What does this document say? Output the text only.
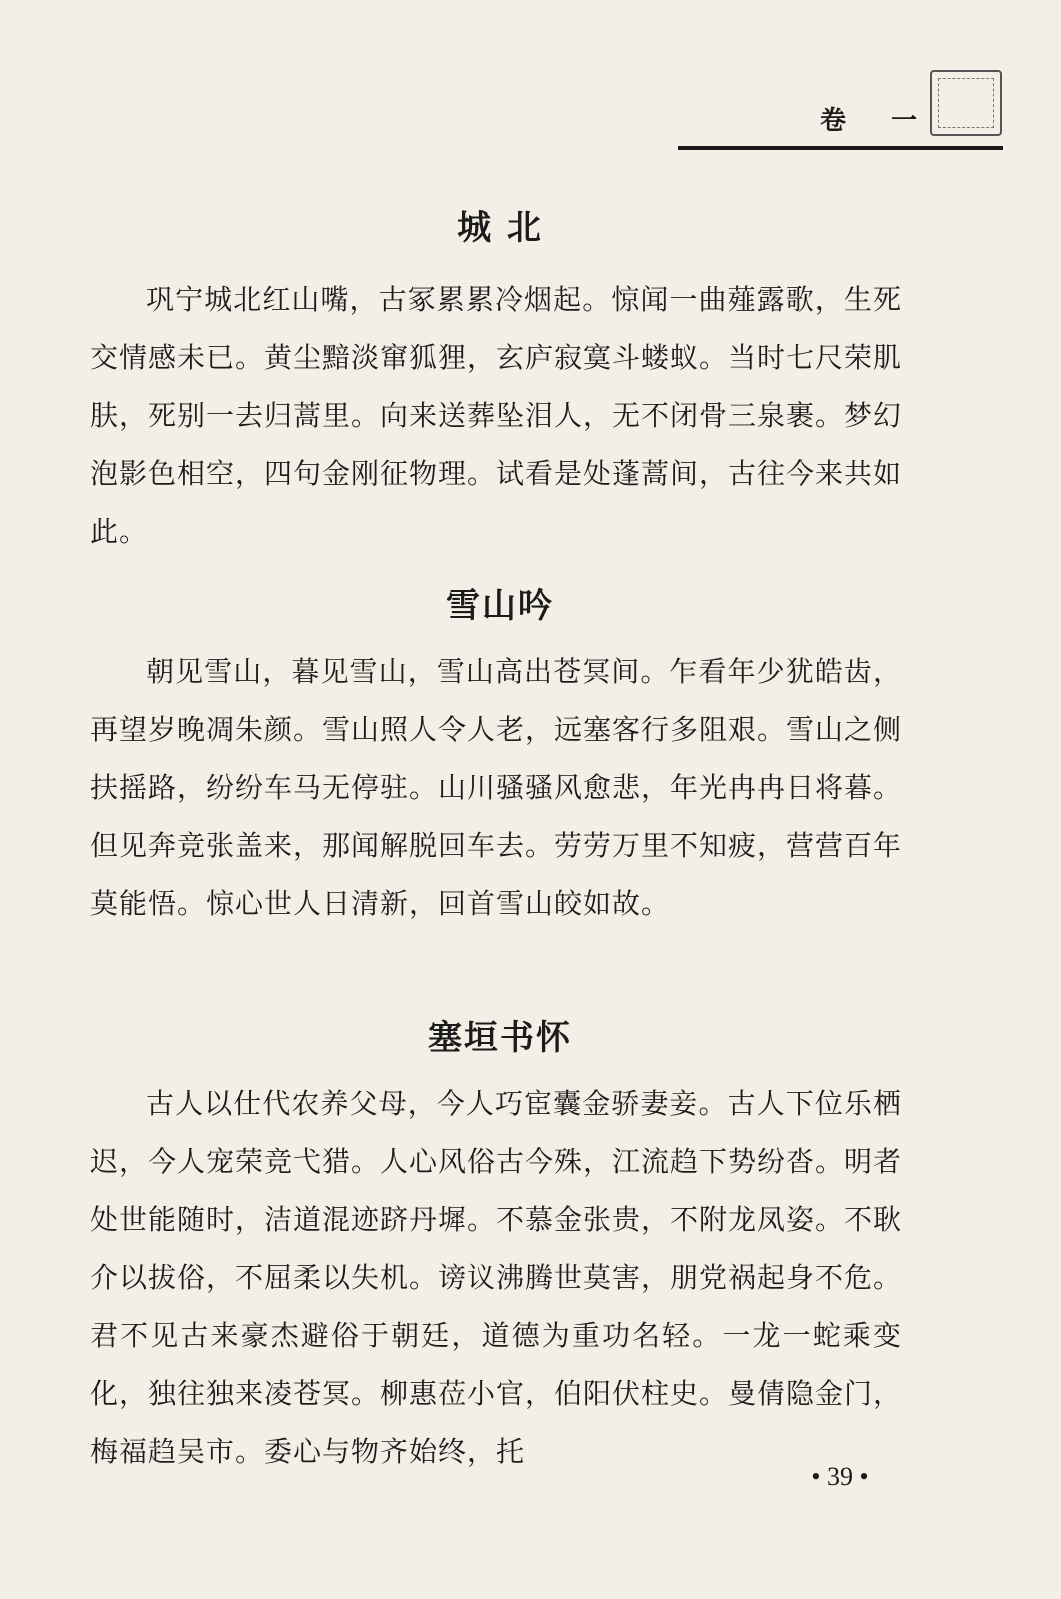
卷 一
城 北

巩宁城北红山嘴，古冢累累冷烟起。惊闻一曲薤露歌，生死交情感未已。黄尘黯淡窜狐狸，玄庐寂寞斗蝼蚁。当时七尺荣肌肤，死别一去归蒿里。向来送葬坠泪人，无不闭骨三泉裹。梦幻泡影色相空，四句金刚征物理。试看是处蓬蒿间，古往今来共如此。

雪山吟

朝见雪山，暮见雪山，雪山高出苍冥间。乍看年少犹皓齿，再望岁晚凋朱颜。雪山照人令人老，远塞客行多阻艰。雪山之侧扶摇路，纷纷车马无停驻。山川骚骚风愈悲，年光冉冉日将暮。但见奔竞张盖来，那闻解脱回车去。劳劳万里不知疲，营营百年莫能悟。惊心世人日清新，回首雪山皎如故。

塞垣书怀

古人以仕代农养父母，今人巧宦囊金骄妻妾。古人下位乐栖迟，今人宠荣竞弋猎。人心风俗古今殊，江流趋下势纷沓。明者处世能随时，洁道混迹跻丹墀。不慕金张贵，不附龙凤姿。不耿介以拔俗，不屈柔以失机。谤议沸腾世莫害，朋党祸起身不危。君不见古来豪杰避俗于朝廷，道德为重功名轻。一龙一蛇乘变化，独往独来凌苍冥。柳惠莅小官，伯阳伏柱史。曼倩隐金门，梅福趋吴市。委心与物齐始终，托

• 39 •
